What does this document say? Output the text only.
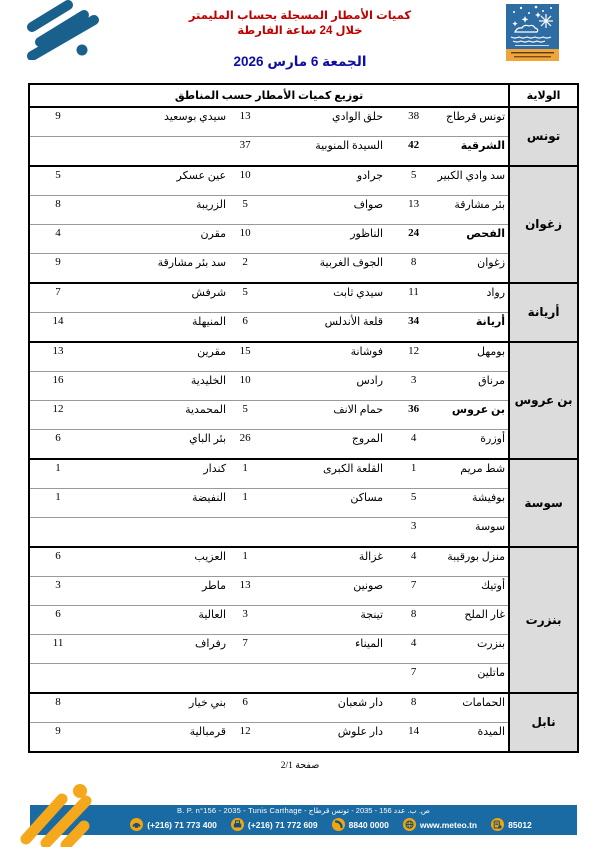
كميات الأمطار المسجلة بحساب المليمتر
خلال 24 ساعة الفارطة
الجمعة 6 مارس 2026
الولاية	توزيع كميات الأمطار حسب المناطق					
تونس	تونس قرطاج	38	حلق الوادي	13	سيدي بوسعيد	9
	الشرقية	42	السيدة المنوبية	37		
زغوان	سد وادي الكبير	5	جرادو	10	عين عسكر	5
	بئر مشارقة	13	صواف	5	الزريبة	8
	الفحص	24	الناظور	10	مقرن	4
	زغوان	8	الجوف الغربية	2	سد بئر مشارقة	9
أريانة	رواد	11	سيدي ثابت	5	شرفش	7
	أريانة	34	قلعة الأندلس	6	المنيهلة	14
بن عروس	بومهل	12	فوشانة	15	مقرين	13
	مرناق	3	رادس	10	الخليدية	16
	بن عروس	36	حمام الانف	5	المحمدية	12
	أوزرة	4	المروج	26	بئر الباي	6
سوسة	شط مريم	1	القلعة الكبرى	1	كندار	1
	بوفيشة	5	مساكن	1	النفيضة	1
	سوسة	3				
بنزرت	منزل بورقيبة	4	غزالة	1	العزيب	6
	أوتيك	7	صونين	13	ماطر	3
	غار الملح	8	تينجة	3	العالية	6
	بنزرت	4	الميناء	7	رفراف	11
	ماتلين	7				
نابل	الحمامات	8	دار شعبان	6	بني خيار	8
	الميدة	14	دار علوش	12	قرمبالية	9
صفحة 2/1
ص. ب. عدد 156 - 2035 - تونس قرطاج - B. P. n°156 - 2035 - Tunis Carthage
(+216) 71 773 400	(+216) 71 772 609	8840 0000	www.meteo.tn	85012
